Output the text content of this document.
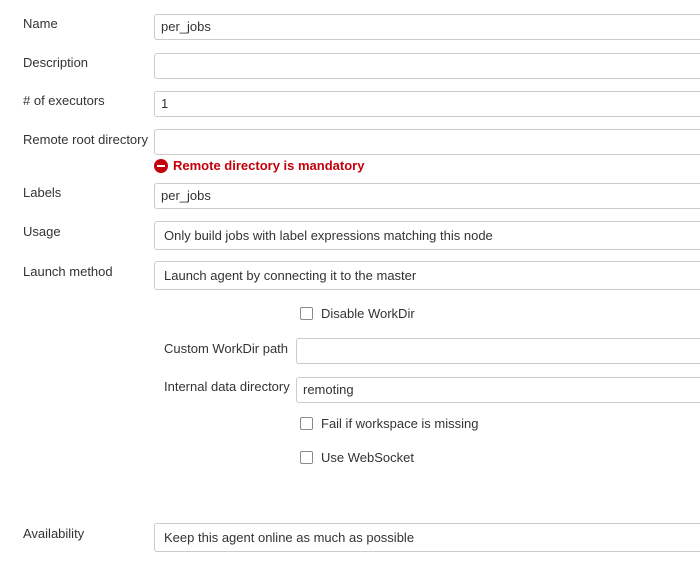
Name	per_jobs
Description
# of executors	1
Remote root directory
Remote directory is mandatory
Labels	per_jobs
Usage	Only build jobs with label expressions matching this node
Launch method	Launch agent by connecting it to the master
Disable WorkDir
Custom WorkDir path
Internal data directory	remoting
Fail if workspace is missing
Use WebSocket
Availability	Keep this agent online as much as possible
